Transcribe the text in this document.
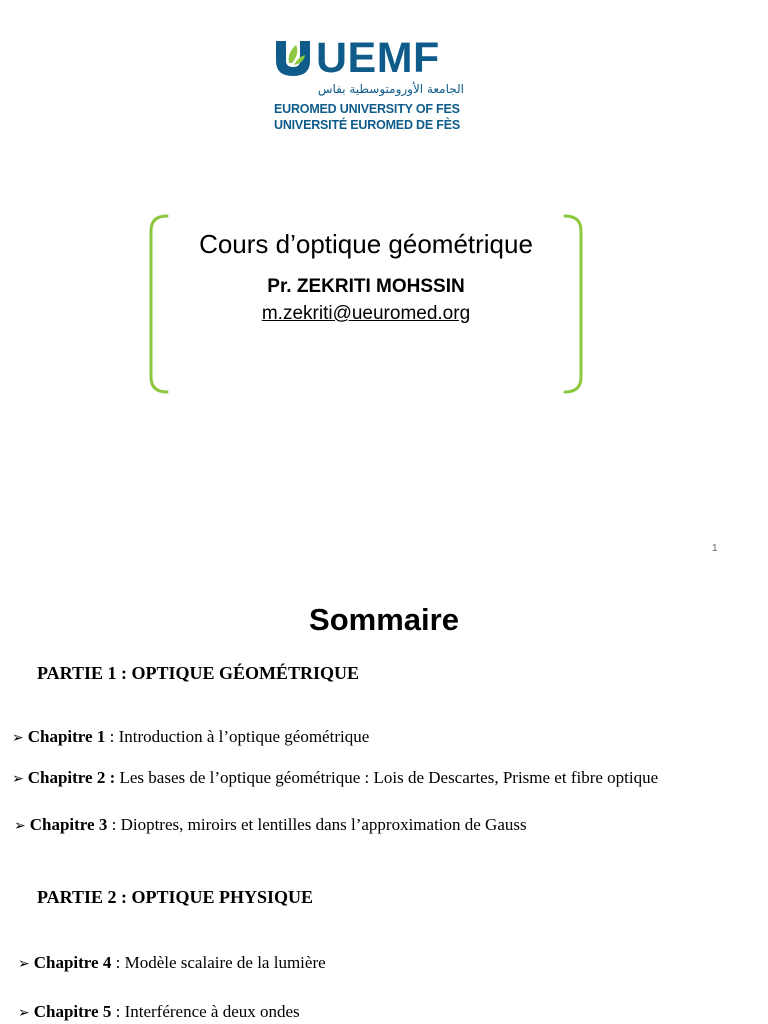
UEMF
الجامعة الأورومتوسطية بفاس
EUROMED UNIVERSITY OF FES
UNIVERSITÉ EUROMED DE FÈS
Cours d’optique géométrique
Pr. ZEKRITI MOHSSIN
m.zekriti@ueuromed.org
1
Sommaire
PARTIE 1 : OPTIQUE GÉOMÉTRIQUE
➢ Chapitre 1 : Introduction à l’optique géométrique
➢ Chapitre 2 : Les bases de l’optique géométrique : Lois de Descartes, Prisme et fibre optique
➢ Chapitre 3 : Dioptres, miroirs et lentilles dans l’approximation de Gauss
PARTIE 2 : OPTIQUE PHYSIQUE
➢ Chapitre 4 : Modèle scalaire de la lumière
➢ Chapitre 5 : Interférence à deux ondes
